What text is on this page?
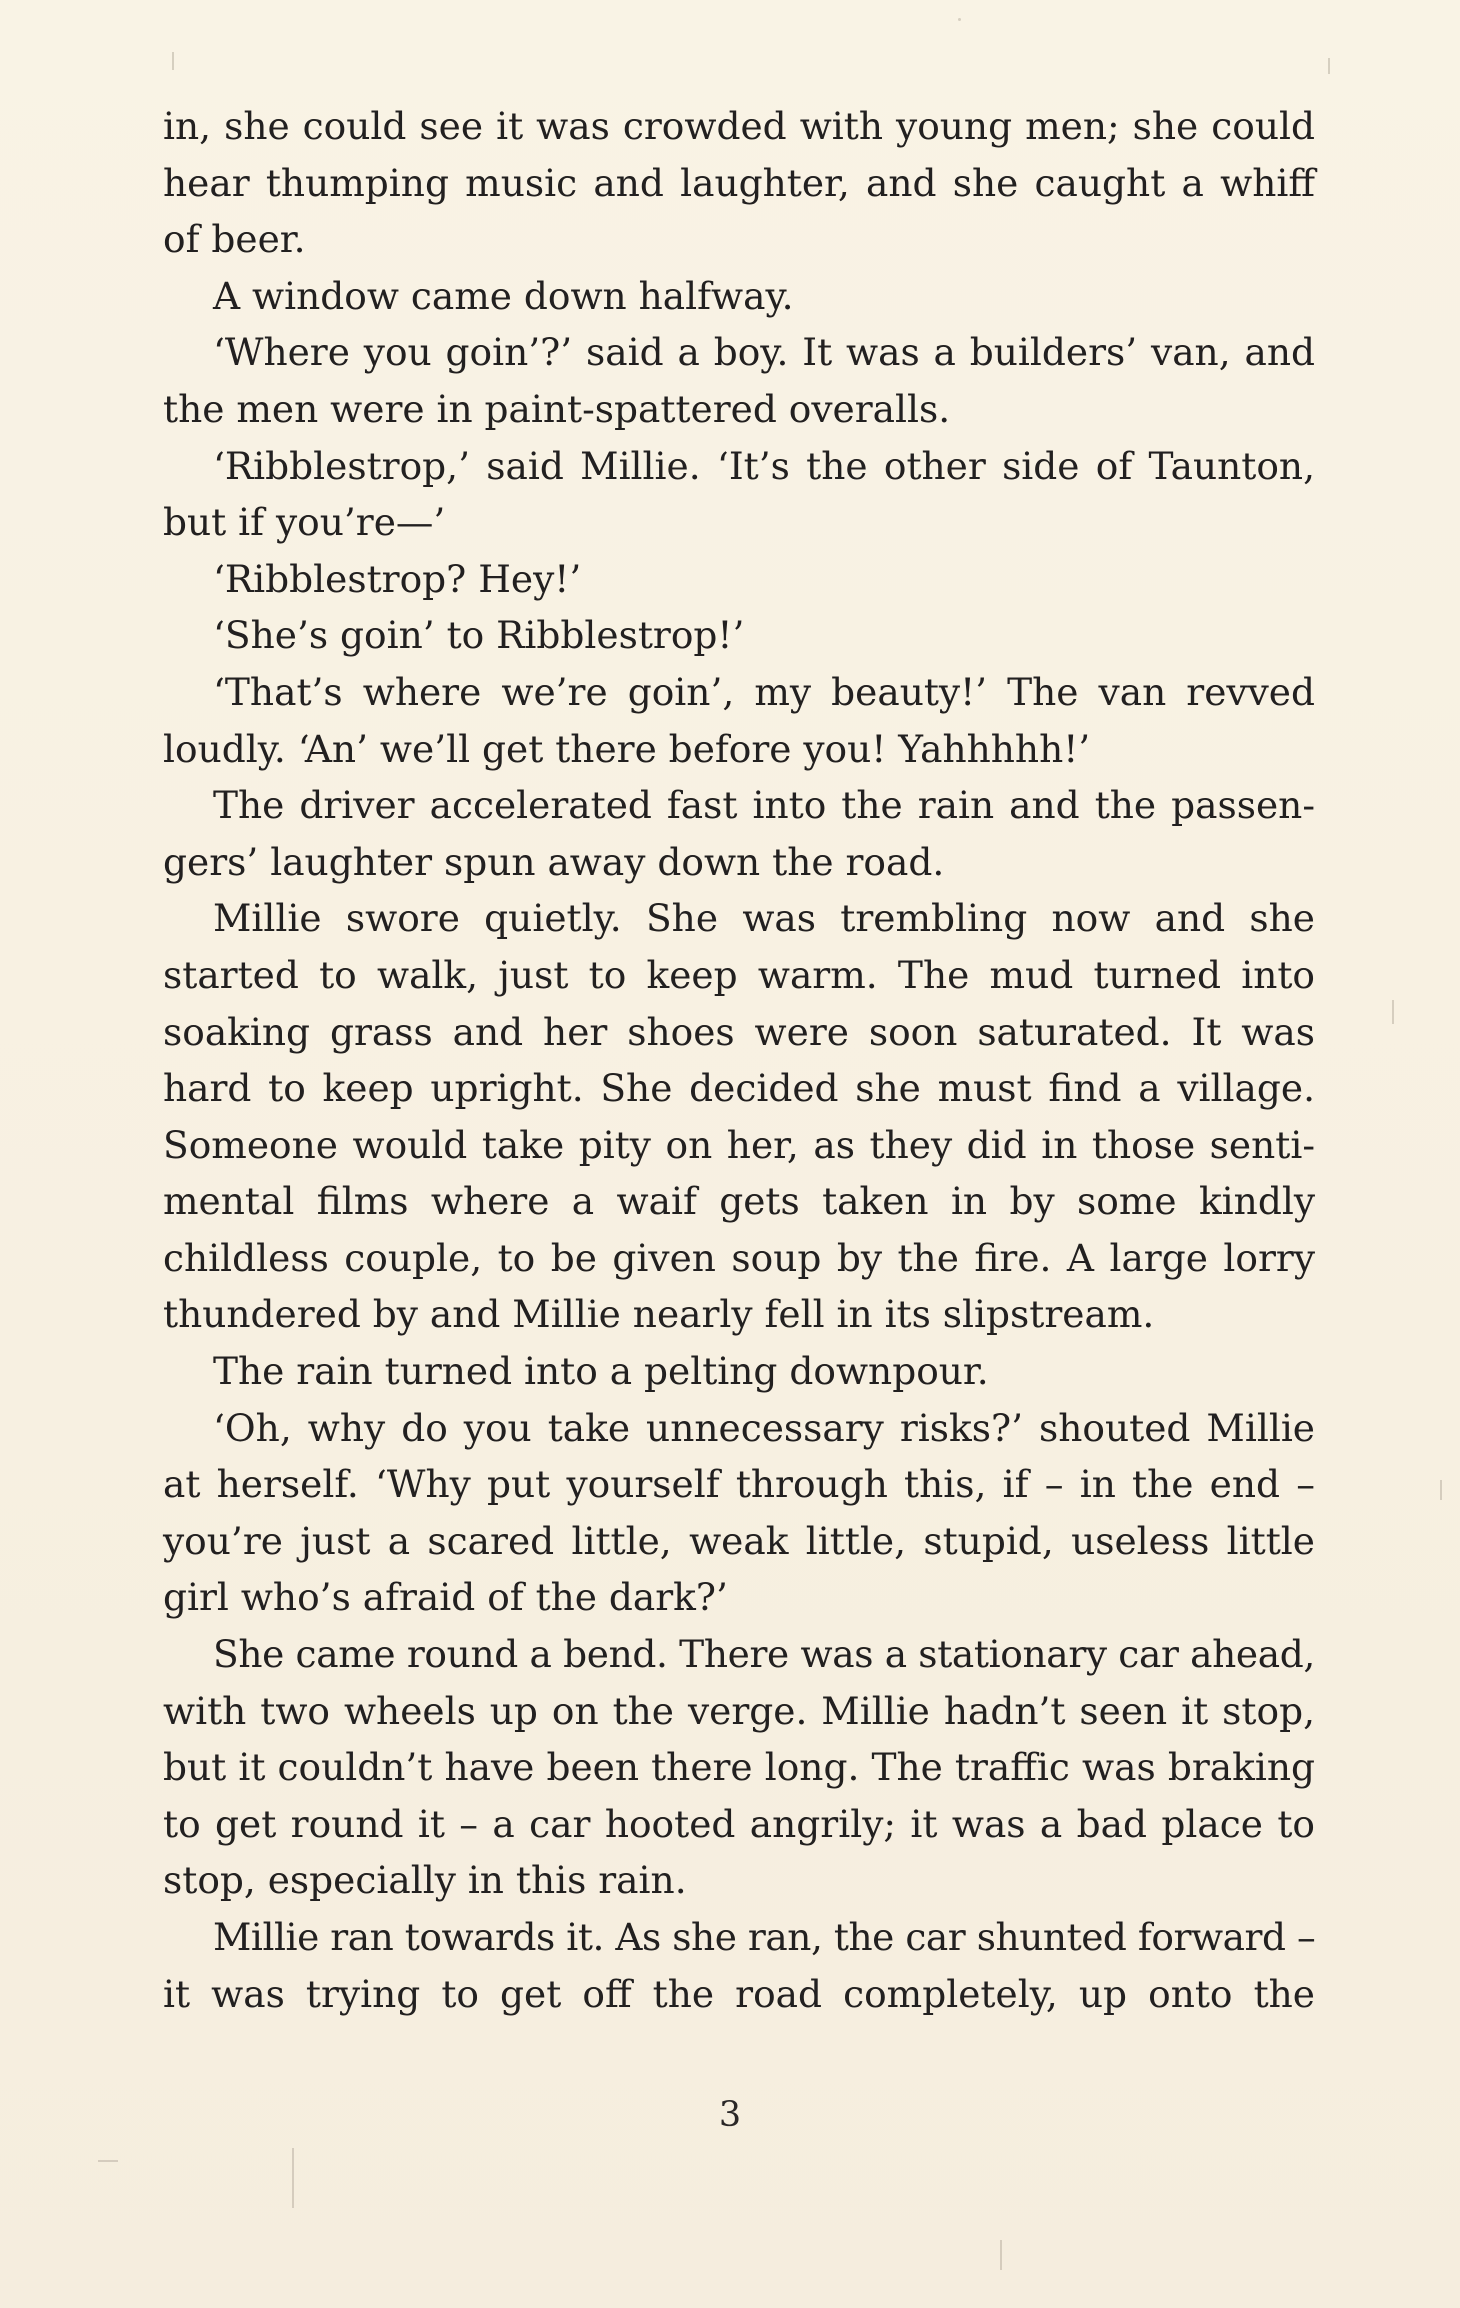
in, she could see it was crowded with young men; she could
hear thumping music and laughter, and she caught a whiff
of beer.
A window came down halfway.
‘Where you goin’?’ said a boy. It was a builders’ van, and
the men were in paint-spattered overalls.
‘Ribblestrop,’ said Millie. ‘It’s the other side of Taunton,
but if you’re—’
‘Ribblestrop? Hey!’
‘She’s goin’ to Ribblestrop!’
‘That’s where we’re goin’, my beauty!’ The van revved
loudly. ‘An’ we’ll get there before you! Yahhhhh!’
The driver accelerated fast into the rain and the passen-
gers’ laughter spun away down the road.
Millie swore quietly. She was trembling now and she
started to walk, just to keep warm. The mud turned into
soaking grass and her shoes were soon saturated. It was
hard to keep upright. She decided she must find a village.
Someone would take pity on her, as they did in those senti-
mental films where a waif gets taken in by some kindly
childless couple, to be given soup by the fire. A large lorry
thundered by and Millie nearly fell in its slipstream.
The rain turned into a pelting downpour.
‘Oh, why do you take unnecessary risks?’ shouted Millie
at herself. ‘Why put yourself through this, if – in the end –
you’re just a scared little, weak little, stupid, useless little
girl who’s afraid of the dark?’
She came round a bend. There was a stationary car ahead,
with two wheels up on the verge. Millie hadn’t seen it stop,
but it couldn’t have been there long. The traffic was braking
to get round it – a car hooted angrily; it was a bad place to
stop, especially in this rain.
Millie ran towards it. As she ran, the car shunted forward –
it was trying to get off the road completely, up onto the
3
